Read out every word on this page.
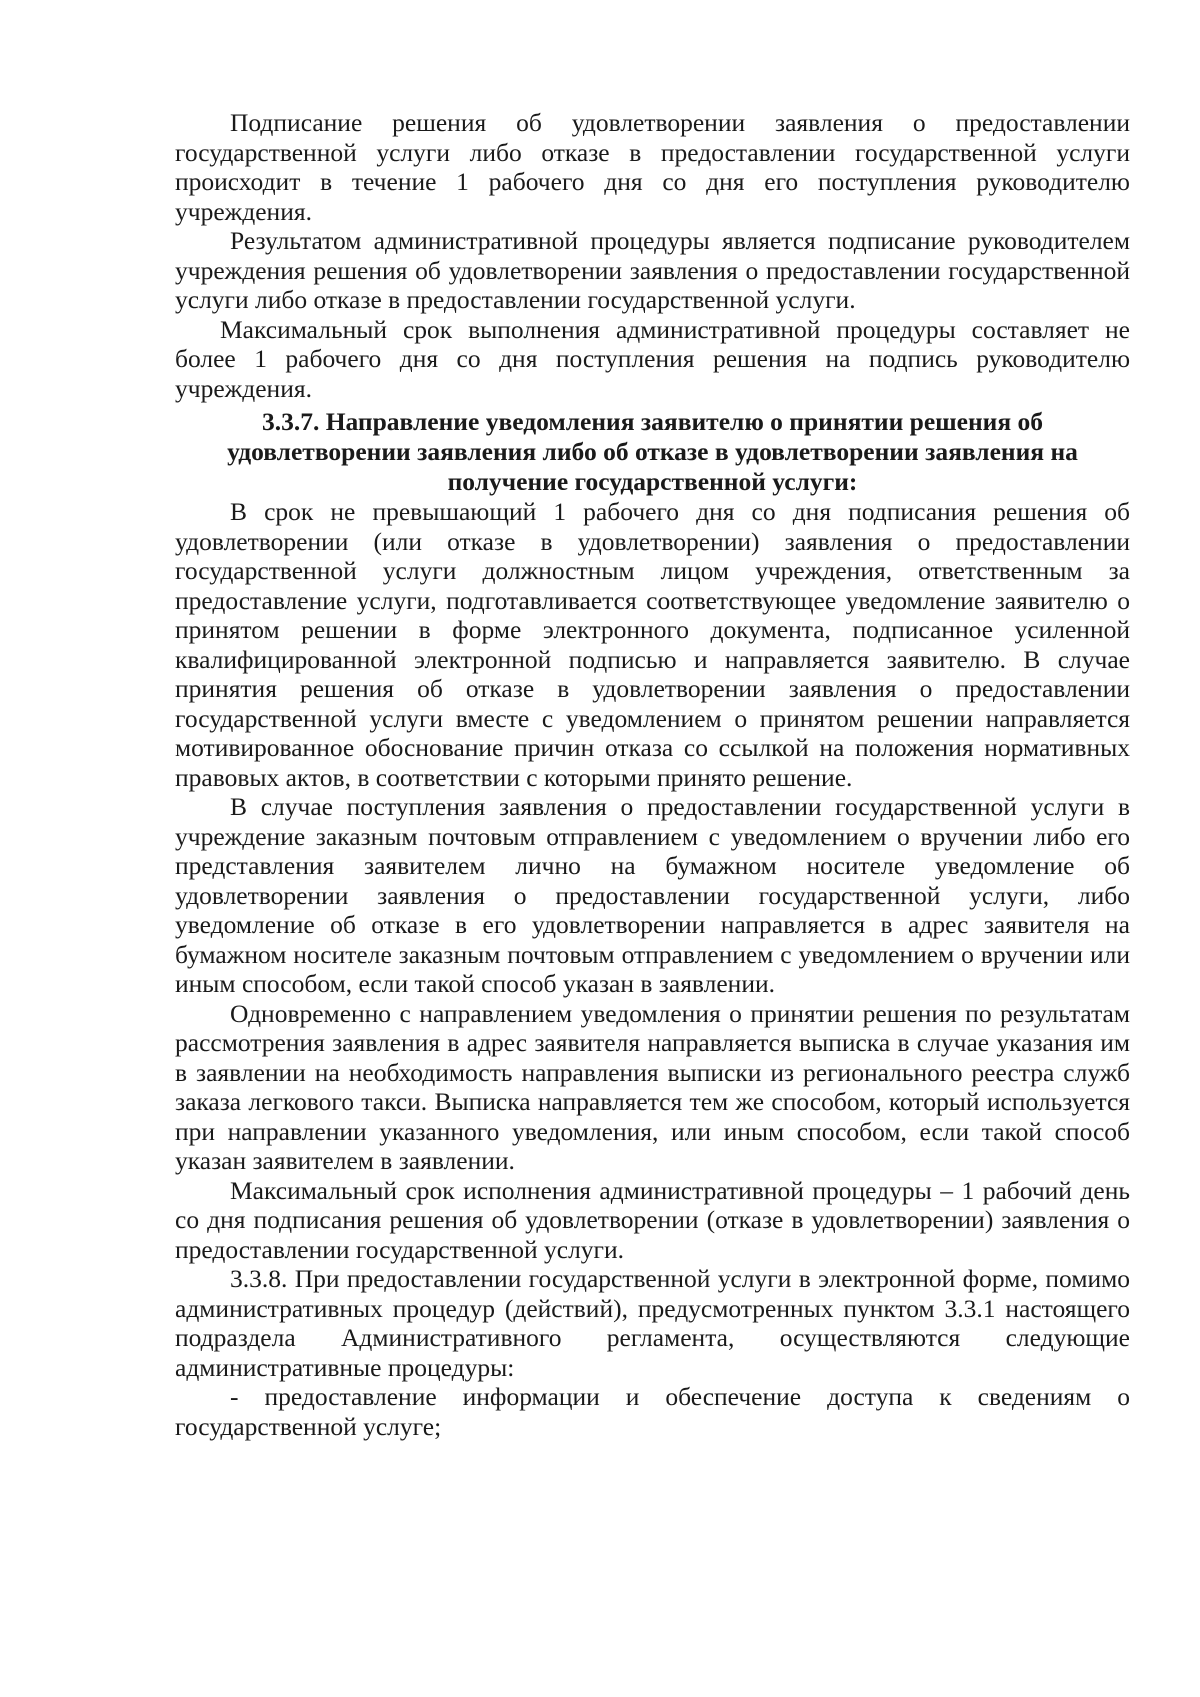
Подписание решения об удовлетворении заявления о предоставлении государственной услуги либо отказе в предоставлении государственной услуги происходит в течение 1 рабочего дня со дня его поступления руководителю учреждения.

Результатом административной процедуры является подписание руководителем учреждения решения об удовлетворении заявления о предоставлении государственной услуги либо отказе в предоставлении государственной услуги.

Максимальный срок выполнения административной процедуры составляет не более 1 рабочего дня со дня поступления решения на подпись руководителю учреждения.

3.3.7. Направление уведомления заявителю о принятии решения об удовлетворении заявления либо об отказе в удовлетворении заявления на получение государственной услуги:

В срок не превышающий 1 рабочего дня со дня подписания решения об удовлетворении (или отказе в удовлетворении) заявления о предоставлении государственной услуги должностным лицом учреждения, ответственным за предоставление услуги, подготавливается соответствующее уведомление заявителю о принятом решении в форме электронного документа, подписанное усиленной квалифицированной электронной подписью и направляется заявителю. В случае принятия решения об отказе в удовлетворении заявления о предоставлении государственной услуги вместе с уведомлением о принятом решении направляется мотивированное обоснование причин отказа со ссылкой на положения нормативных правовых актов, в соответствии с которыми принято решение.

В случае поступления заявления о предоставлении государственной услуги в учреждение заказным почтовым отправлением с уведомлением о вручении либо его представления заявителем лично на бумажном носителе уведомление об удовлетворении заявления о предоставлении государственной услуги, либо уведомление об отказе в его удовлетворении направляется в адрес заявителя на бумажном носителе заказным почтовым отправлением с уведомлением о вручении или иным способом, если такой способ указан в заявлении.

Одновременно с направлением уведомления о принятии решения по результатам рассмотрения заявления в адрес заявителя направляется выписка в случае указания им в заявлении на необходимость направления выписки из регионального реестра служб заказа легкового такси. Выписка направляется тем же способом, который используется при направлении указанного уведомления, или иным способом, если такой способ указан заявителем в заявлении.

Максимальный срок исполнения административной процедуры – 1 рабочий день со дня подписания решения об удовлетворении (отказе в удовлетворении) заявления о предоставлении государственной услуги.

3.3.8. При предоставлении государственной услуги в электронной форме, помимо административных процедур (действий), предусмотренных пунктом 3.3.1 настоящего подраздела Административного регламента, осуществляются следующие административные процедуры:

- предоставление информации и обеспечение доступа к сведениям о государственной услуге;
